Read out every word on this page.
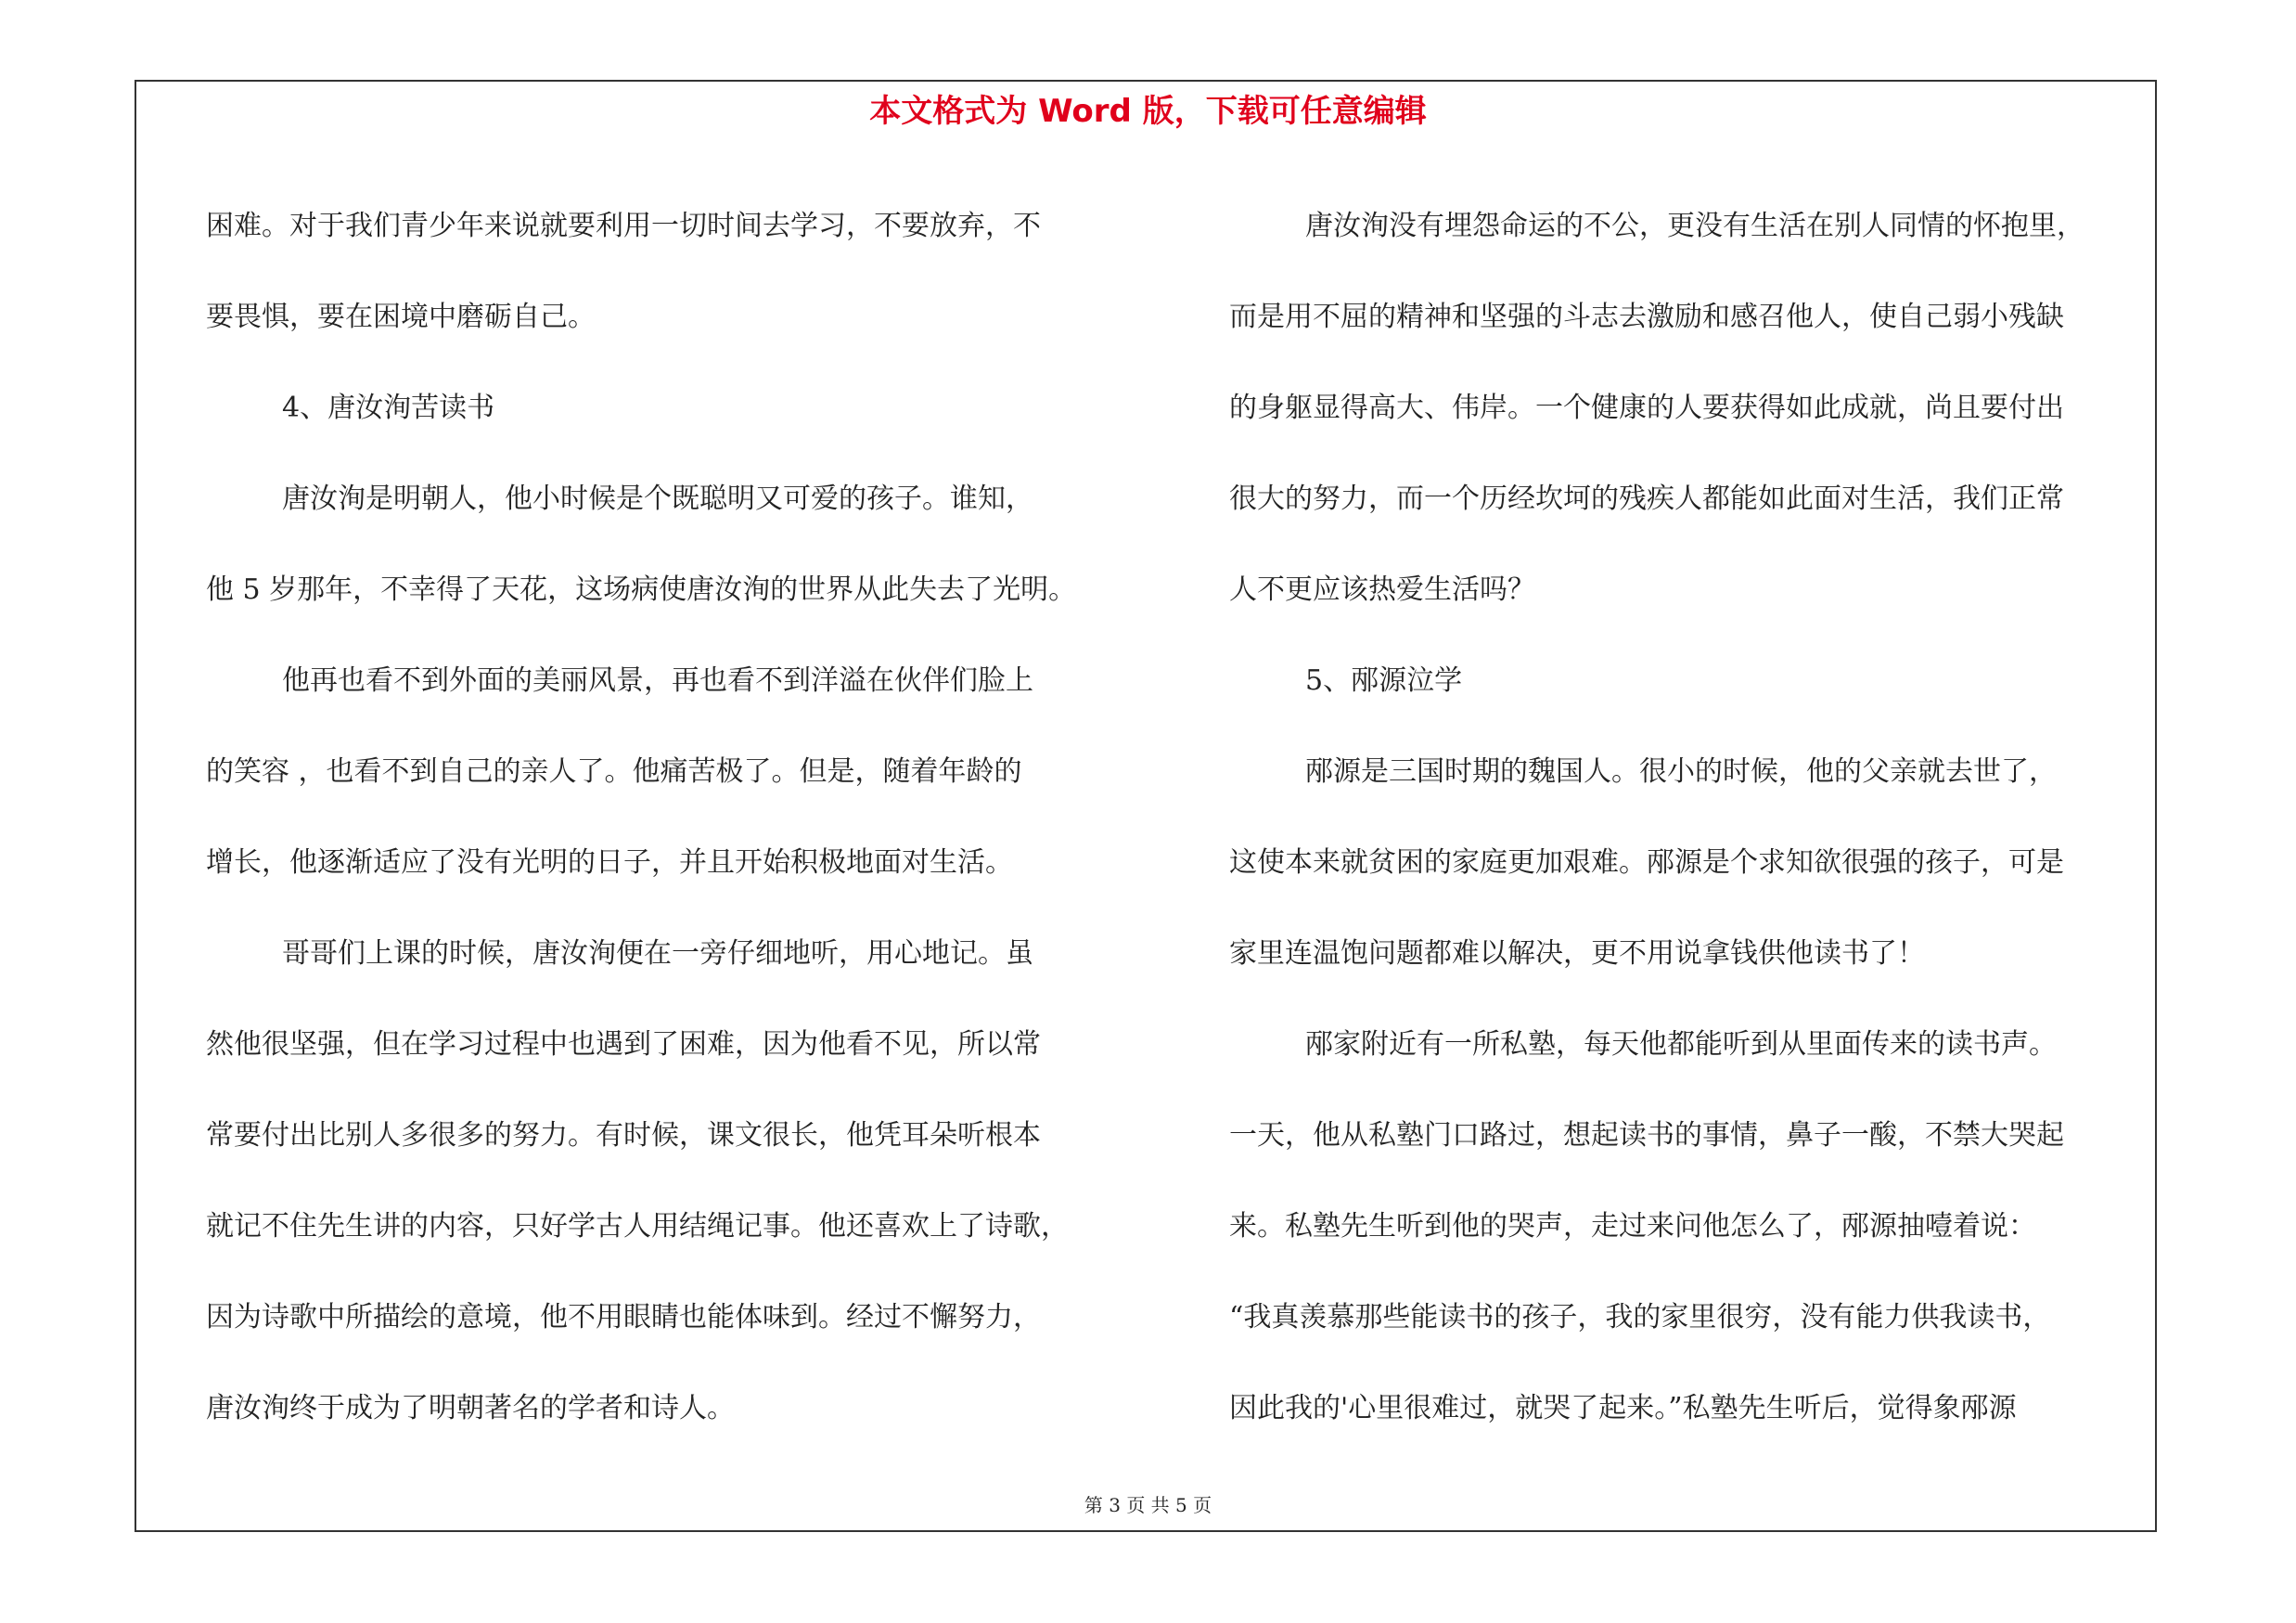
本文格式为 Word 版，下载可任意编辑
困难。对于我们青少年来说就要利用一切时间去学习，不要放弃，不
要畏惧，要在困境中磨砺自己。
4、唐汝洵苦读书
唐汝洵是明朝人，他小时候是个既聪明又可爱的孩子。谁知，
他 5 岁那年，不幸得了天花，这场病使唐汝洵的世界从此失去了光明。
他再也看不到外面的美丽风景，再也看不到洋溢在伙伴们脸上
的笑容 ，也看不到自己的亲人了。他痛苦极了。但是，随着年龄的
增长，他逐渐适应了没有光明的日子，并且开始积极地面对生活。
哥哥们上课的时候，唐汝洵便在一旁仔细地听，用心地记。虽
然他很坚强，但在学习过程中也遇到了困难，因为他看不见，所以常
常要付出比别人多很多的努力。有时候，课文很长，他凭耳朵听根本
就记不住先生讲的内容，只好学古人用结绳记事。他还喜欢上了诗歌，
因为诗歌中所描绘的意境，他不用眼睛也能体味到。经过不懈努力，
唐汝洵终于成为了明朝著名的学者和诗人。
唐汝洵没有埋怨命运的不公，更没有生活在别人同情的怀抱里，
而是用不屈的精神和坚强的斗志去激励和感召他人，使自己弱小残缺
的身躯显得高大、伟岸。一个健康的人要获得如此成就，尚且要付出
很大的努力，而一个历经坎坷的残疾人都能如此面对生活，我们正常
人不更应该热爱生活吗？
5、邴源泣学
邴源是三国时期的魏国人。很小的时候，他的父亲就去世了，
这使本来就贫困的家庭更加艰难。邴源是个求知欲很强的孩子，可是
家里连温饱问题都难以解决，更不用说拿钱供他读书了！
邴家附近有一所私塾，每天他都能听到从里面传来的读书声。
一天，他从私塾门口路过，想起读书的事情，鼻子一酸，不禁大哭起
来。私塾先生听到他的哭声，走过来问他怎么了，邴源抽噎着说：
“我真羡慕那些能读书的孩子，我的家里很穷，没有能力供我读书，
因此我的'心里很难过，就哭了起来。”私塾先生听后，觉得象邴源
第 3 页 共 5 页
